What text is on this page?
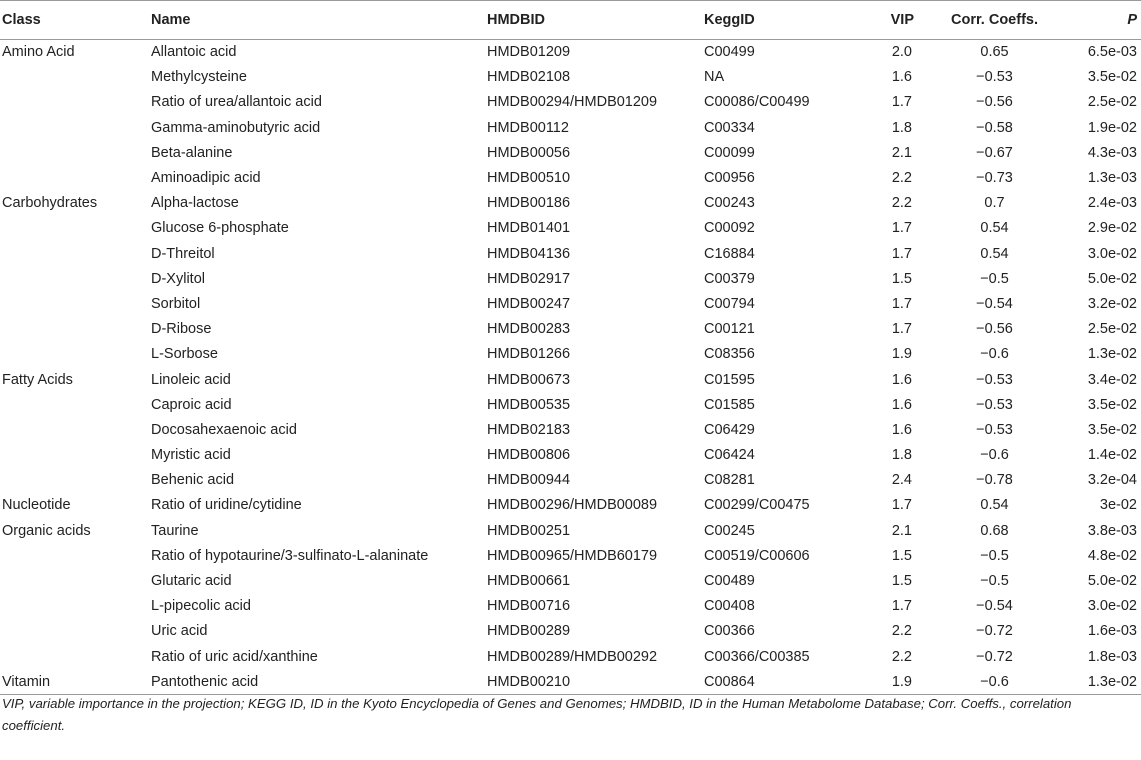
Class	Name	HMDBID	KeggID	VIP	Corr. Coeffs.	P
Amino Acid	Allantoic acid	HMDB01209	C00499	2.0	0.65	6.5e-03
	Methylcysteine	HMDB02108	NA	1.6	−0.53	3.5e-02
	Ratio of urea/allantoic acid	HMDB00294/HMDB01209	C00086/C00499	1.7	−0.56	2.5e-02
	Gamma-aminobutyric acid	HMDB00112	C00334	1.8	−0.58	1.9e-02
	Beta-alanine	HMDB00056	C00099	2.1	−0.67	4.3e-03
	Aminoadipic acid	HMDB00510	C00956	2.2	−0.73	1.3e-03
Carbohydrates	Alpha-lactose	HMDB00186	C00243	2.2	0.7	2.4e-03
	Glucose 6-phosphate	HMDB01401	C00092	1.7	0.54	2.9e-02
	D-Threitol	HMDB04136	C16884	1.7	0.54	3.0e-02
	D-Xylitol	HMDB02917	C00379	1.5	−0.5	5.0e-02
	Sorbitol	HMDB00247	C00794	1.7	−0.54	3.2e-02
	D-Ribose	HMDB00283	C00121	1.7	−0.56	2.5e-02
	L-Sorbose	HMDB01266	C08356	1.9	−0.6	1.3e-02
Fatty Acids	Linoleic acid	HMDB00673	C01595	1.6	−0.53	3.4e-02
	Caproic acid	HMDB00535	C01585	1.6	−0.53	3.5e-02
	Docosahexaenoic acid	HMDB02183	C06429	1.6	−0.53	3.5e-02
	Myristic acid	HMDB00806	C06424	1.8	−0.6	1.4e-02
	Behenic acid	HMDB00944	C08281	2.4	−0.78	3.2e-04
Nucleotide	Ratio of uridine/cytidine	HMDB00296/HMDB00089	C00299/C00475	1.7	0.54	3e-02
Organic acids	Taurine	HMDB00251	C00245	2.1	0.68	3.8e-03
	Ratio of hypotaurine/3-sulfinato-L-alaninate	HMDB00965/HMDB60179	C00519/C00606	1.5	−0.5	4.8e-02
	Glutaric acid	HMDB00661	C00489	1.5	−0.5	5.0e-02
	L-pipecolic acid	HMDB00716	C00408	1.7	−0.54	3.0e-02
	Uric acid	HMDB00289	C00366	2.2	−0.72	1.6e-03
	Ratio of uric acid/xanthine	HMDB00289/HMDB00292	C00366/C00385	2.2	−0.72	1.8e-03
Vitamin	Pantothenic acid	HMDB00210	C00864	1.9	−0.6	1.3e-02
VIP, variable importance in the projection; KEGG ID, ID in the Kyoto Encyclopedia of Genes and Genomes; HMDBID, ID in the Human Metabolome Database; Corr. Coeffs., correlation coefficient.
